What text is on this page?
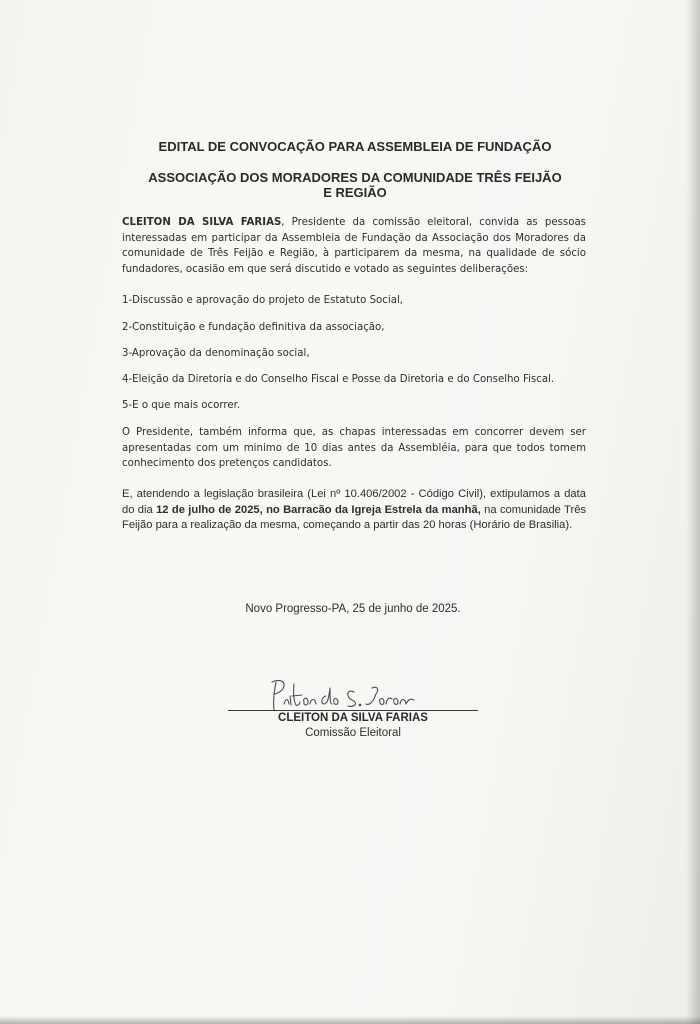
EDITAL DE CONVOCAÇÃO PARA ASSEMBLEIA DE FUNDAÇÃO
ASSOCIAÇÃO DOS MORADORES DA COMUNIDADE TRÊS FEIJÃO
E REGIÃO
CLEITON DA SILVA FARIAS, Presidente da comissão eleitoral, convida as pessoas interessadas em participar da Assembleia de Fundação da Associação dos Moradores da comunidade de Três Feijão e Região, à participarem da mesma, na qualidade de sócio fundadores, ocasião em que será discutido e votado as seguintes deliberações:
1-Discussão e aprovação do projeto de Estatuto Social,
2-Constituição e fundação definitiva da associação,
3-Aprovação da denominação social,
4-Eleição da Diretoria e do Conselho Fiscal e Posse da Diretoria e do Conselho Fiscal.
5-E o que mais ocorrer.
O Presidente, também informa que, as chapas interessadas em concorrer devem ser apresentadas com um minimo de 10 dias antes da Assembléia, para que todos tomem conhecimento dos pretenços candidatos.
E, atendendo a legislação brasileira (Lei nº 10.406/2002 - Código Civil), extipulamos a data do dia 12 de julho de 2025, no Barracão da Igreja Estrela da manhã, na comunidade Três Feijão para a realização da mesma, começando a partir das 20 horas (Horário de Brasilia).
Novo Progresso-PA, 25 de junho de 2025.
CLEITON DA SILVA FARIAS
Comissão Eleitoral
